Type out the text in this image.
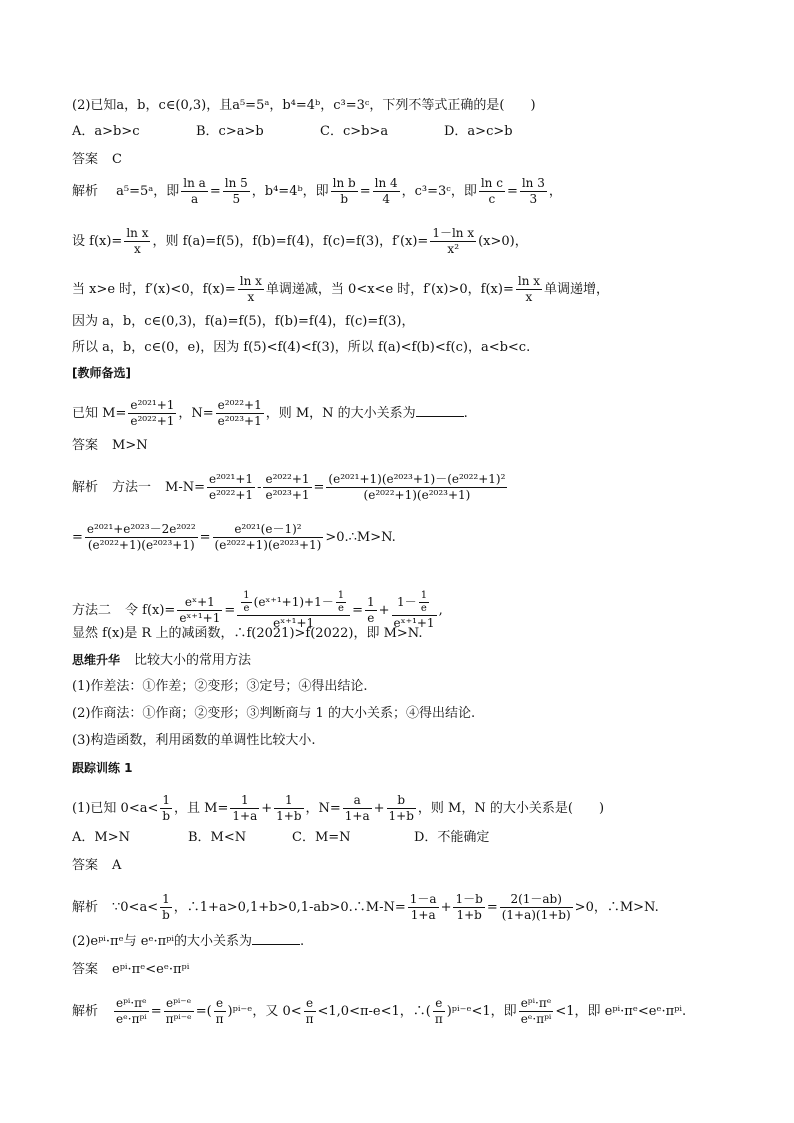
(2)已知a，b，c∈(0,3)，且a⁵=5ᵃ，b⁴=4ᵇ，c³=3ᶜ，下列不等式正确的是(　　)
A．a>b>c	B．c>a>b	C．c>b>a	D．a>c>b
答案 C
解析 a⁵=5ᵃ，即 $\frac{\text{ln a}}{a} = \frac{\ln 5}{5}$ ，b⁴=4ᵇ，即 $\frac{\text{ln b}}{b} = \frac{\ln 4}{4}$ ，c³=3ᶜ，即 $\frac{\text{ln c}}{c} = \frac{\ln 3}{3}$ ，
设 $f(x)= \frac{\text{ln x}}{x}$ ，则 f(a)=f(5)，f(b)=f(4)，f(c)=f(3)，$f'(x)= \frac{\text{1－ln x}}{\text{x²}} (x>0)$，
当 x>e 时，f′(x)<0，$f(x)= \frac{\text{ln x}}{x}$ 单调递减，当 0<x<e 时，f′(x)>0，$f(x)= \frac{\text{ln x}}{x}$ 单调递增，
因为 a，b，c∈(0,3)，f(a)=f(5)，f(b)=f(4)，f(c)=f(3)，
所以 a，b，c∈(0，e)，因为 f(5)<f(4)<f(3)，所以 f(a)<f(b)<f(c)，a<b<c.
[教师备选]
已知 $M= \frac{\text{e²⁰²¹+1}}{\text{e²⁰²²+1}}$ ，$N= \frac{\text{e²⁰²²+1}}{\text{e²⁰²³+1}}$ ，则 M，N 的大小关系为	.
答案 M>N
解析 方法一 $M-N= \frac{\text{e²⁰²¹+1}}{\text{e²⁰²²+1}} - \frac{\text{e²⁰²²+1}}{\text{e²⁰²³+1}} = \frac{\text{(e²⁰²¹+1)(e²⁰²³+1)－(e²⁰²²+1)²}}{\text{(e²⁰²²+1)(e²⁰²³+1)}}$
= $\frac{\text{e²⁰²¹+e²⁰²³－2e²⁰²²}}{\text{(e²⁰²²+1)(e²⁰²³+1)}} = \frac{\text{e²⁰²¹(e－1)²}}{\text{(e²⁰²²+1)(e²⁰²³+1)}}$ >0.∴M>N.
方法二 令 $f(x)= \frac{\text{eˣ+1}}{\text{eˣ⁺¹+1}} = \frac{\frac{1}{e} (eˣ^{+1}+1)+1- \frac{1}{e}}{\text{eˣ⁺¹+1}} = \frac{1}{e} + \frac{1- \frac{1}{e}}{\text{eˣ⁺¹+1}}$ ,
显然 f(x)是 R 上的减函数，∴f(2021)>f(2022)，即 M>N.
思维升华 比较大小的常用方法
(1)作差法：①作差；②变形；③定号；④得出结论.
(2)作商法：①作商；②变形；③判断商与 1 的大小关系；④得出结论.
(3)构造函数，利用函数的单调性比较大小.
跟踪训练 1
(1)已知 $0<a< \frac{1}{b}$ ，且 $M= \frac{1}{1+a} + \frac{1}{1+b}$ ，$N= \frac{a}{1+a} + \frac{b}{1+b}$ ，则 M，N 的大小关系是(　　)
A．M>N	B．M<N	C．M=N	D．不能确定
答案 A
解析 ∵0<a< $\frac{1}{b}$ ，∴1+a>0,1+b>0,1-ab>0.∴M-N= $\frac{1-a}{1+a} + \frac{1-b}{1+b} = \frac{2(1-ab)}{(1+a)(1+b)} >0$，∴M>N.
(2)eᵖⁱ·πᵉ与 eᵉ·πᵖⁱ的大小关系为	.
答案 eᵖⁱ·πᵉ<eᵉ·πᵖⁱ
解析 $\frac{\text{eᵖⁱ·πᵉ}}{\text{eᵉ·πᵖⁱ}} = \frac{\text{eᵖⁱ⁻ᵉ}}{\text{πᵖⁱ⁻ᵉ}}$ =( $\frac{e}{\pi}$ )ᵖⁱ⁻ᵉ，又 $0< \frac{e}{\pi} <1,0<\pi-e<1$，∴( $\frac{e}{\pi}$ )ᵖⁱ⁻ᵉ<1，即 $\frac{\text{eᵖⁱ·πᵉ}}{\text{eᵉ·πᵖⁱ}} <1$，即 eᵖⁱ·πᵉ<eᵉ·πᵖⁱ.
